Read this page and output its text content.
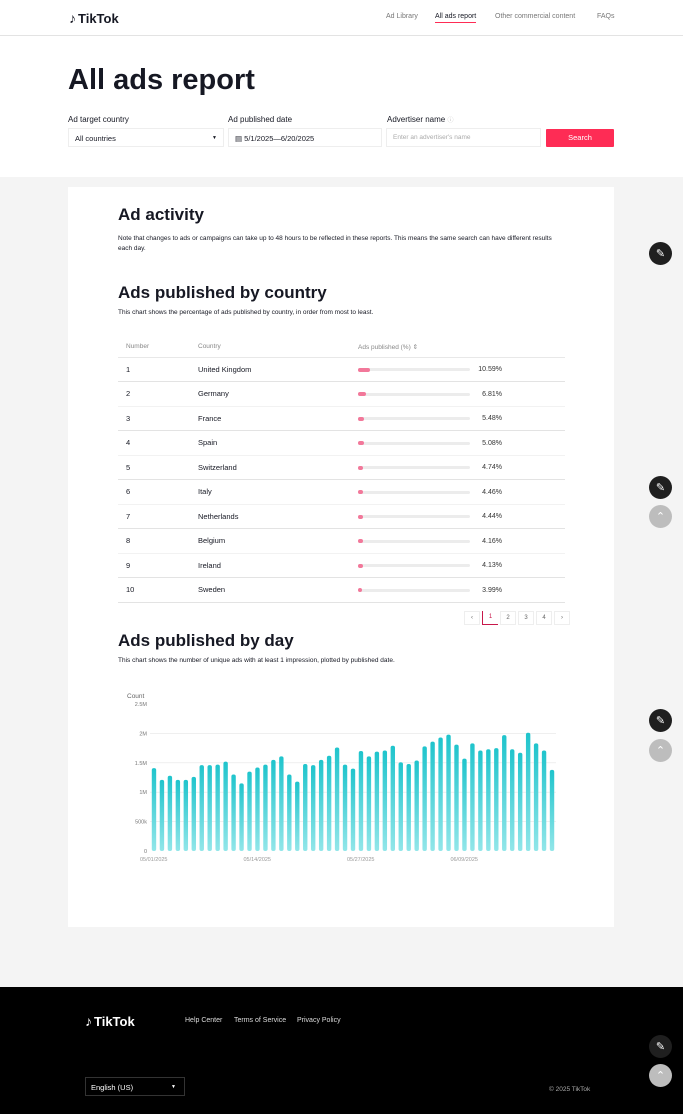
♪ TikTok	Ad Library All ads report	Other commercial content	FAQs
All ads report
Ad target country	Ad published date	Advertiser name ⓘ
All countries	▼	▤ 5/1/2025—6/20/2025	Enter an advertiser's name	Search
Ad activity

Note that changes to ads or campaigns can take up to 48 hours to be reflected in these reports. This means the same search can have different results each day.

Ads published by country

This chart shows the percentage of ads published by country, in order from most to least.

Number	Country	Ads published (%) ⇕
1	United Kingdom	10.59%
2	Germany	6.81%
3	France	5.48%
4	Spain	5.08%
5	Switzerland	4.74%
6	Italy	4.46%
7	Netherlands	4.44%
8	Belgium	4.16%
9	Ireland	4.13%
10	Sweden	3.99%
‹	1	2	3	4	›
Ads published by day

This chart shows the number of unique ads with at least 1 impression, plotted by published date.

Count
0
500k
1M
1.5M
2M
2.5M
05/01/2025	05/14/2025	05/27/2025	06/09/2025
♪ TikTok	Help Center Terms of Service Privacy Policy
English (US)	▼	© 2025 TikTok
✎
✎
⌃
✎
⌃
✎
⌃
